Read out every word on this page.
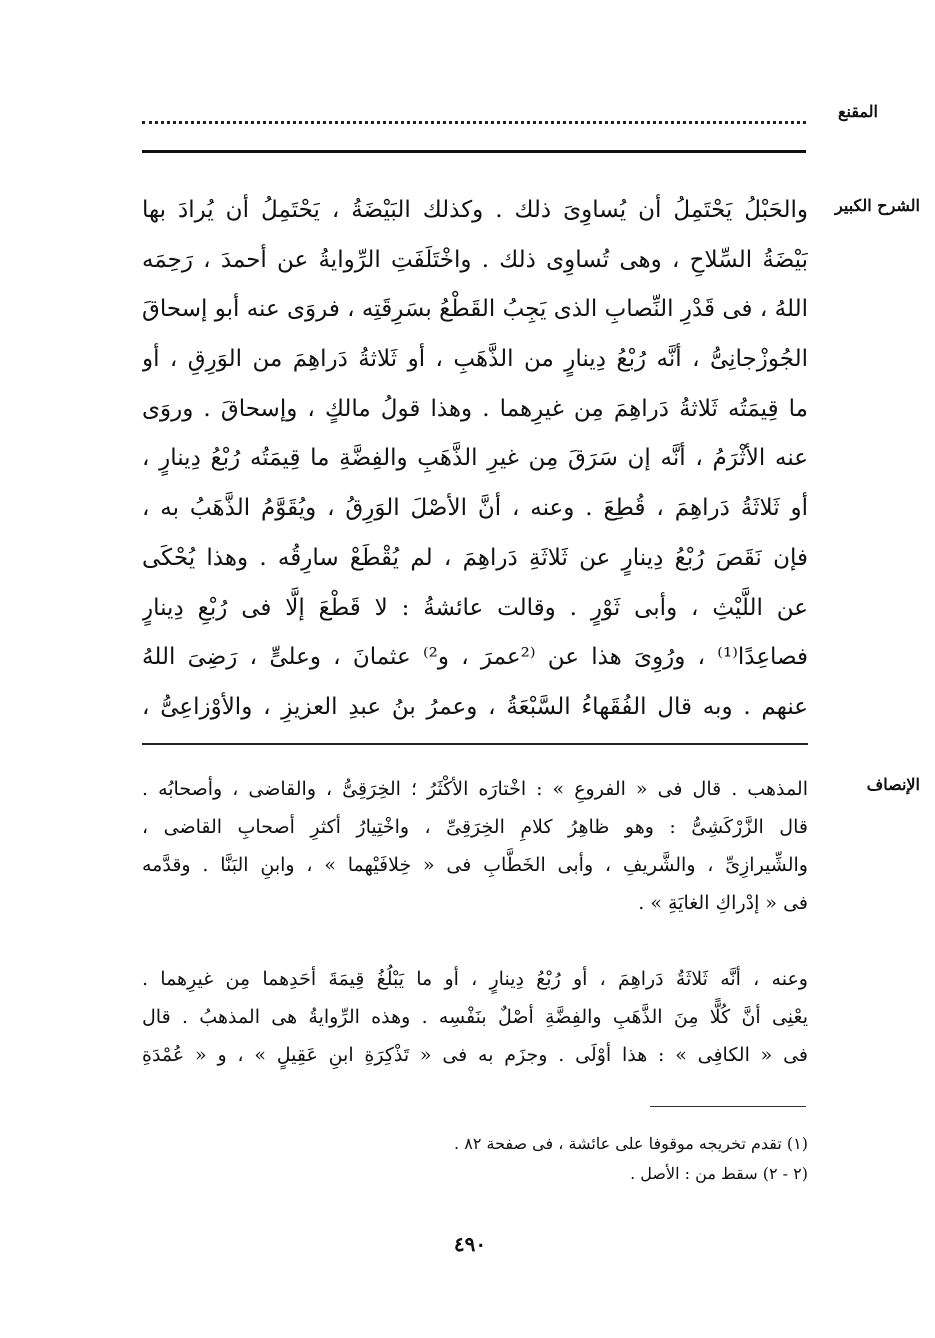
المقنع
الشرح الكبير
والحَبْلُ يَحْتَمِلُ أن يُساوِىَ ذلك . وكذلك البَيْضَةُ ، يَحْتَمِلُ أن يُرادَ بها
بَيْضَةُ السِّلاحِ ، وهى تُساوِى ذلك . واخْتَلَفَتِ الرِّوايةُ عن أحمدَ ، رَحِمَه
اللهُ ، فى قَدْرِ النِّصابِ الذى يَجِبُ القَطْعُ بسَرِقَتِه ، فروَى عنه أبو إسحاقَ
الجُوزْجانِىُّ ، أنَّه رُبْعُ دِينارٍ من الذَّهَبِ ، أو ثَلاثةُ دَراهِمَ من الوَرِقِ ، أو
ما قِيمَتُه ثَلاثةُ دَراهِمَ مِن غيرِهما . وهذا قولُ مالكٍ ، وإسحاقَ . وروَى
عنه الأثْرَمُ ، أنَّه إن سَرَقَ مِن غيرِ الذَّهَبِ والفِضَّةِ ما قِيمَتُه رُبْعُ دِينارٍ ،
أو ثَلاثَةُ دَراهِمَ ، قُطِعَ . وعنه ، أنَّ الأصْلَ الوَرِقُ ، ويُقَوَّمُ الذَّهَبُ به ،
فإن نَقَصَ رُبْعُ دِينارٍ عن ثَلاثَةِ دَراهِمَ ، لم يُقْطَعْ سارِقُه . وهذا يُحْكَى
عن اللَّيْثِ ، وأبى ثَوْرٍ . وقالت عائشةُ : لا قَطْعَ إلَّا فى رُبْعِ دِينارٍ
فصاعِدًا⁽¹⁾ ، ورُوِىَ هذا عن ⁽²عمرَ ، و²⁾ عثمانَ ، وعلىٍّ ، رَضِىَ اللهُ
عنهم . وبه قال الفُقَهاءُ السَّبْعَةُ ، وعمرُ بنُ عبدِ العزيزِ ، والأوْزاعِىُّ ،
الإنصاف
المذهب . قال فى « الفروعِ » : اخْتارَه الأكْثَرُ ؛ الخِرَقِىُّ ، والقاضى ، وأصحابُه .
قال الزَّرْكَشِىُّ : وهو ظاهِرُ كلامِ الخِرَقِىِّ ، واخْتِيارُ أكثرِ أصحابِ القاضى ،
والشِّيرازِىِّ ، والشَّريفِ ، وأبى الخَطَّابِ فى « خِلافَيْهما » ، وابنِ البَنَّا . وقدَّمه
فى « إدْراكِ الغايَةِ » .
وعنه ، أنَّه ثَلاثَةُ دَراهِمَ ، أو رُبْعُ دِينارٍ ، أو ما يَبْلُغُ قِيمَةَ أحَدِهما مِن غيرِهما .
يعْنِى أنَّ كُلًّا مِنَ الذَّهَبِ والفِضَّةِ أصْلٌ بنَفْسِه . وهذه الرِّوايةُ هى المذهبُ . قال
فى « الكافِى » : هذا أوْلَى . وجزَم به فى « تَذْكِرَةِ ابنِ عَقِيلٍ » ، و « عُمْدَةِ
(١) تقدم تخريجه موقوفا على عائشة ، فى صفحة ٨٢ .
(٢ - ٢) سقط من : الأصل .
٤٩٠
